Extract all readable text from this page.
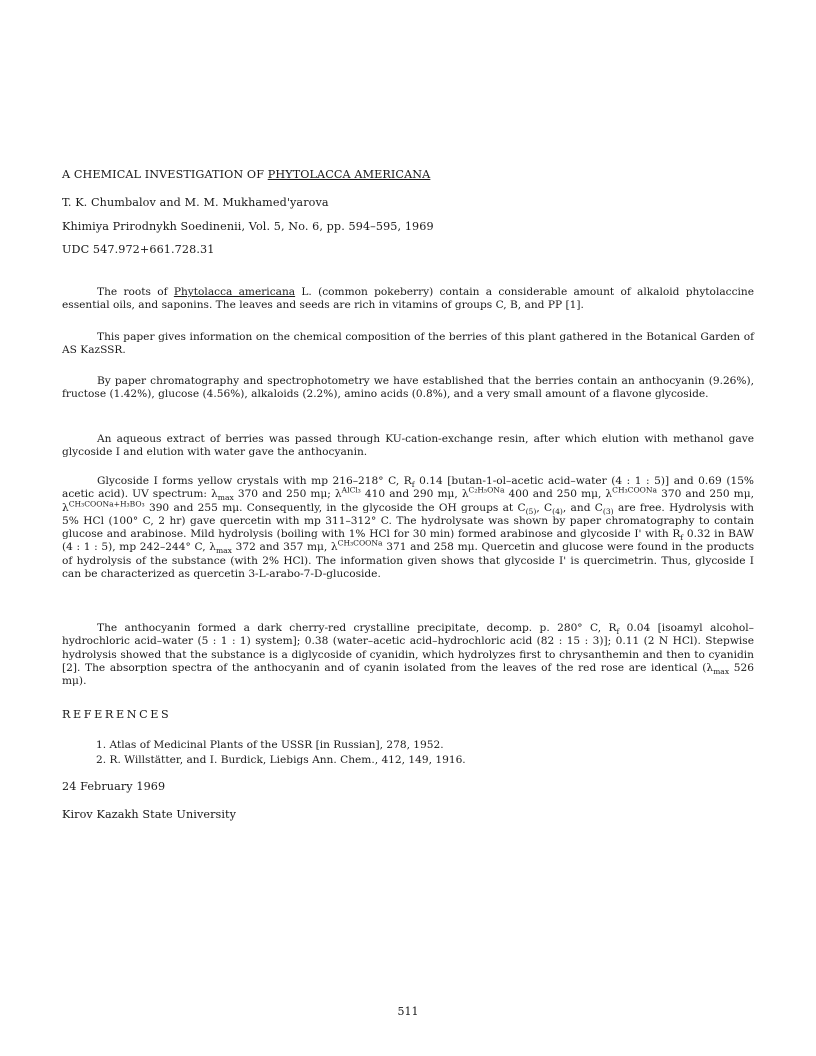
A CHEMICAL INVESTIGATION OF PHYTOLACCA AMERICANA
T. K. Chumbalov and M. M. Mukhamed'yarova
Khimiya Prirodnykh Soedinenii, Vol. 5, No. 6, pp. 594–595, 1969
UDC 547.972+661.728.31

The roots of Phytolacca americana L. (common pokeberry) contain a considerable amount of alkaloid phytolaccine essential oils, and saponins. The leaves and seeds are rich in vitamins of groups C, B, and PP [1].

This paper gives information on the chemical composition of the berries of this plant gathered in the Botanical Garden of AS KazSSR.

By paper chromatography and spectrophotometry we have established that the berries contain an anthocyanin (9.26%), fructose (1.42%), glucose (4.56%), alkaloids (2.2%), amino acids (0.8%), and a very small amount of a flavone glycoside.

An aqueous extract of berries was passed through KU-cation-exchange resin, after which elution with methanol gave glycoside I and elution with water gave the anthocyanin.

Glycoside I forms yellow crystals with mp 216–218° C, $R_f$ 0.14 [butan-1-ol–acetic acid–water (4 : 1 : 5)] and 0.69 (15% acetic acid). UV spectrum: $\lambda_{max}$ 370 and 250 mμ; $\lambda^{AlCl_3}$ 410 and 290 mμ, $\lambda^{C_2H_5ONa}$ 400 and 250 mμ, $\lambda^{CH_3COONa}$ 370 and 250 mμ, $\lambda^{CH_3COONa+H_3BO_3}$ 390 and 255 mμ. Consequently, in the glycoside the OH groups at $C_{(5)}$, $C_{(4)}$, and $C_{(3)}$ are free. Hydrolysis with 5% HCl (100° C, 2 hr) gave quercetin with mp 311–312° C. The hydrolysate was shown by paper chromatography to contain glucose and arabinose. Mild hydrolysis (boiling with 1% HCl for 30 min) formed arabinose and glycoside I' with $R_f$ 0.32 in BAW (4 : 1 : 5), mp 242–244° C, $\lambda_{max}$ 372 and 357 mμ, $\lambda^{CH_3COONa}$ 371 and 258 mμ. Quercetin and glucose were found in the products of hydrolysis of the substance (with 2% HCl). The information given shows that glycoside I' is quercimetrin. Thus, glycoside I can be characterized as quercetin 3-L-arabo-7-D-glucoside.

The anthocyanin formed a dark cherry-red crystalline precipitate, decomp. p. 280° C, $R_f$ 0.04 [isoamyl alcohol–hydrochloric acid–water (5 : 1 : 1) system]; 0.38 (water–acetic acid–hydrochloric acid (82 : 15 : 3)]; 0.11 (2 N HCl). Stepwise hydrolysis showed that the substance is a diglycoside of cyanidin, which hydrolyzes first to chrysanthemin and then to cyanidin [2]. The absorption spectra of the anthocyanin and of cyanin isolated from the leaves of the red rose are identical ($\lambda_{max}$ 526 mμ).

REFERENCES
1. Atlas of Medicinal Plants of the USSR [in Russian], 278, 1952.
2. R. Willstätter, and I. Burdick, Liebigs Ann. Chem., 412, 149, 1916.
24 February 1969
Kirov Kazakh State University
511
